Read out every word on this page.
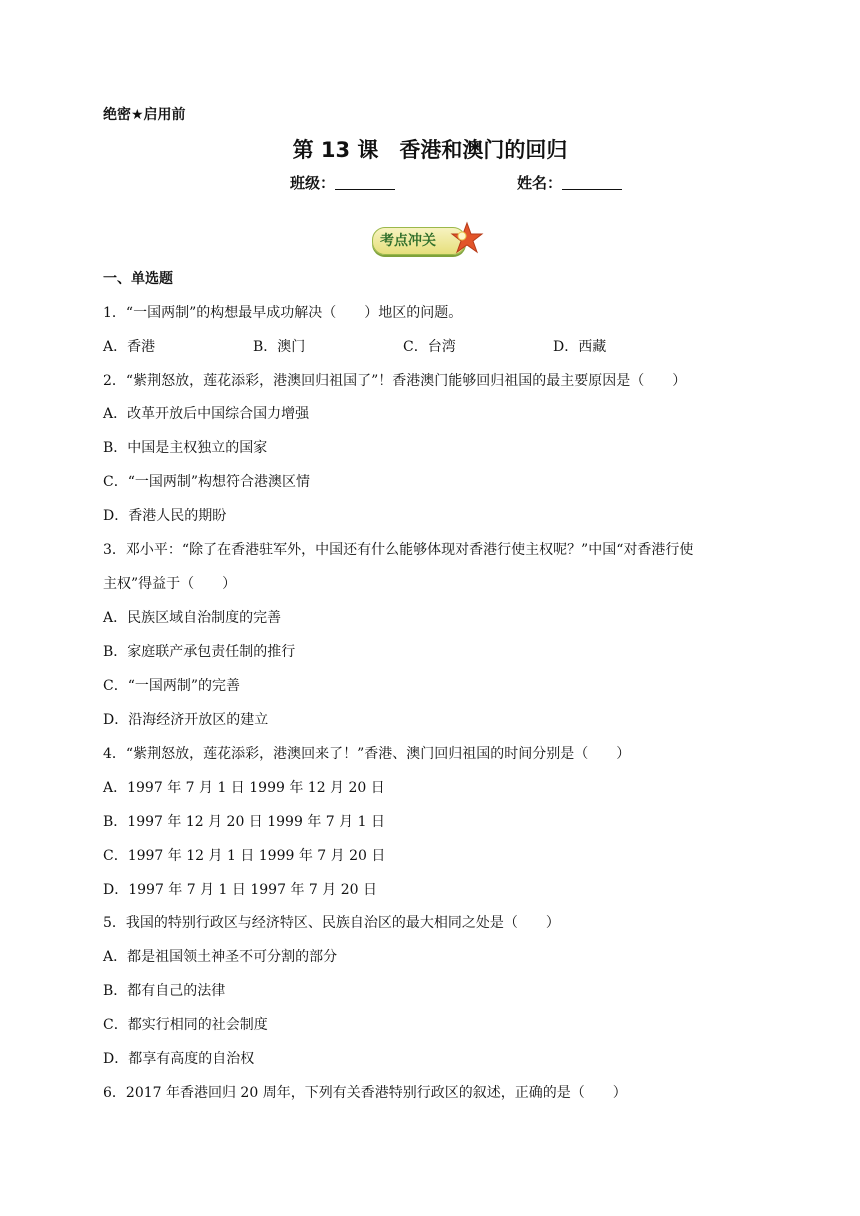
绝密★启用前
第 13 课　香港和澳门的回归
班级：	姓名：
考点冲关
一、单选题
1．“一国两制”的构想最早成功解决（　　）地区的问题。
A．香港	B．澳门	C．台湾	D．西藏
2．“紫荆怒放，莲花添彩，港澳回归祖国了”！香港澳门能够回归祖国的最主要原因是（　　）
A．改革开放后中国综合国力增强
B．中国是主权独立的国家
C．“一国两制”构想符合港澳区情
D．香港人民的期盼
3．邓小平：“除了在香港驻军外，中国还有什么能够体现对香港行使主权呢？”中国“对香港行使
主权”得益于（　　）
A．民族区域自治制度的完善
B．家庭联产承包责任制的推行
C．“一国两制”的完善
D．沿海经济开放区的建立
4．“紫荆怒放，莲花添彩，港澳回来了！”香港、澳门回归祖国的时间分别是（　　）
A．1997 年 7 月 1 日 1999 年 12 月 20 日
B．1997 年 12 月 20 日 1999 年 7 月 1 日
C．1997 年 12 月 1 日 1999 年 7 月 20 日
D．1997 年 7 月 1 日 1997 年 7 月 20 日
5．我国的特别行政区与经济特区、民族自治区的最大相同之处是（　　）
A．都是祖国领土神圣不可分割的部分
B．都有自己的法律
C．都实行相同的社会制度
D．都享有高度的自治权
6．2017 年香港回归 20 周年，下列有关香港特别行政区的叙述，正确的是（　　）
